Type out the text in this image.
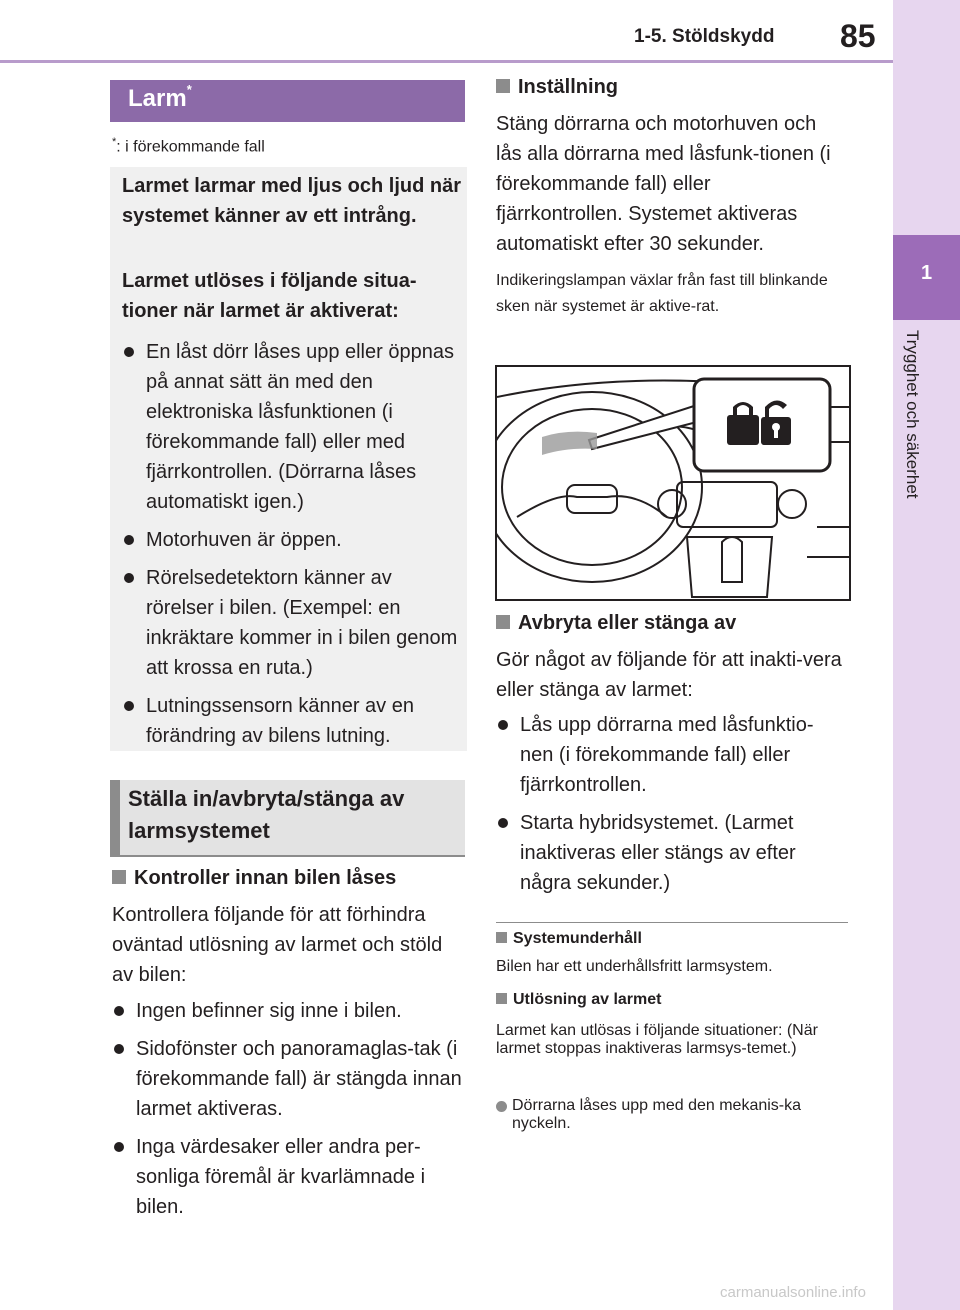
1-5. Stöldskydd 85
1
Trygghet och säkerhet
Larm*
*: i förekommande fall
Larmet larmar med ljus och ljud när systemet känner av ett intrång.
Larmet utlöses i följande situa-tioner när larmet är aktiverat:
En låst dörr låses upp eller öppnas på annat sätt än med den elektroniska låsfunktionen (i förekommande fall) eller med fjärrkontrollen. (Dörrarna låses automatiskt igen.)
Motorhuven är öppen.
Rörelsedetektorn känner av rörelser i bilen. (Exempel: en inkräktare kommer in i bilen genom att krossa en ruta.)
Lutningssensorn känner av en förändring av bilens lutning.
Ställa in/avbryta/stänga av larmsystemet
Kontroller innan bilen låses
Kontrollera följande för att förhindra oväntad utlösning av larmet och stöld av bilen:
Ingen befinner sig inne i bilen.
Sidofönster och panoramaglas-tak (i förekommande fall) är stängda innan larmet aktiveras.
Inga värdesaker eller andra per-sonliga föremål är kvarlämnade i bilen.
Inställning
Stäng dörrarna och motorhuven och lås alla dörrarna med låsfunk-tionen (i förekommande fall) eller fjärrkontrollen. Systemet aktiveras automatiskt efter 30 sekunder.
Indikeringslampan växlar från fast till blinkande sken när systemet är aktive-rat.
Avbryta eller stänga av
Gör något av följande för att inakti-vera eller stänga av larmet:
Lås upp dörrarna med låsfunktio-nen (i förekommande fall) eller fjärrkontrollen.
Starta hybridsystemet. (Larmet inaktiveras eller stängs av efter några sekunder.)
Systemunderhåll
Bilen har ett underhållsfritt larmsystem.
Utlösning av larmet
Larmet kan utlösas i följande situationer: (När larmet stoppas inaktiveras larmsys-temet.)
Dörrarna låses upp med den mekanis-ka nyckeln.
carmanualsonline.info
